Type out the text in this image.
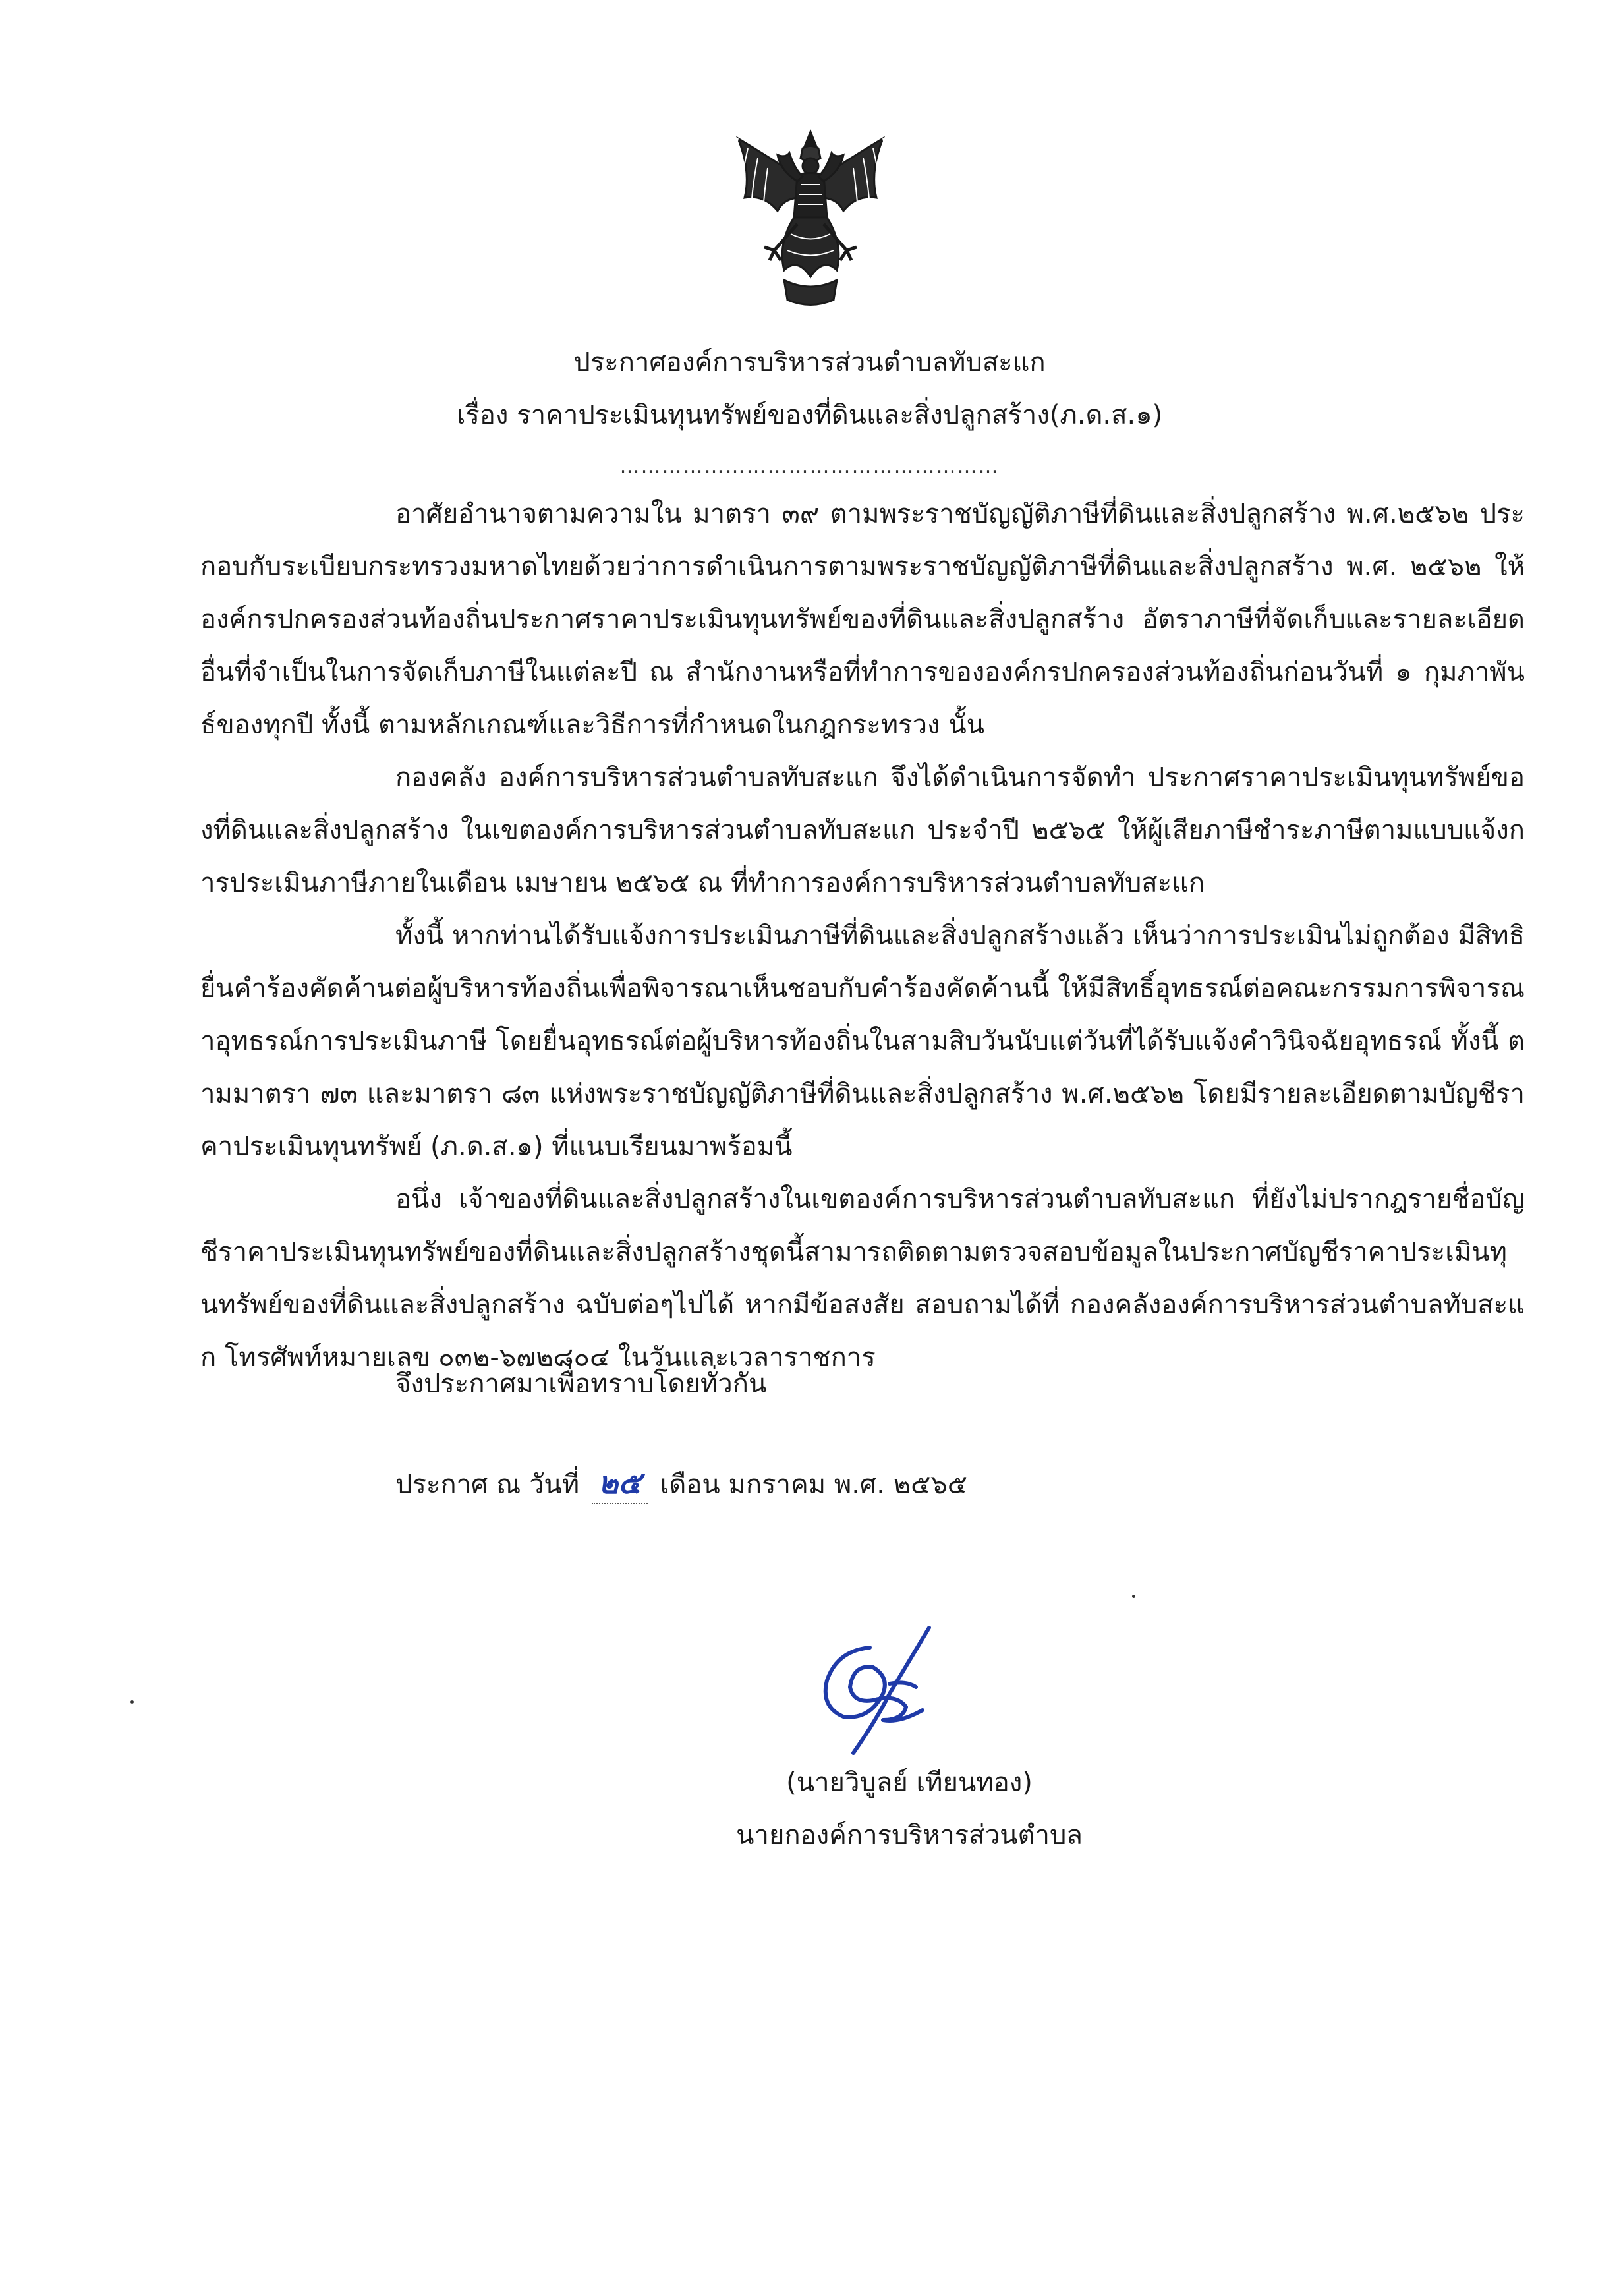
ประกาศองค์การบริหารส่วนตำบลทับสะแก
เรื่อง ราคาประเมินทุนทรัพย์ของที่ดินและสิ่งปลูกสร้าง(ภ.ด.ส.๑)
………………………………………………

อาศัยอำนาจตามความใน มาตรา ๓๙ ตามพระราชบัญญัติภาษีที่ดินและสิ่งปลูกสร้าง พ.ศ.๒๕๖๒ ประกอบกับระเบียบกระทรวงมหาดไทยด้วยว่าการดำเนินการตามพระราชบัญญัติภาษีที่ดินและสิ่งปลูกสร้าง พ.ศ. ๒๕๖๒ ให้องค์กรปกครองส่วนท้องถิ่นประกาศราคาประเมินทุนทรัพย์ของที่ดินและสิ่งปลูกสร้าง อัตราภาษีที่จัดเก็บและรายละเอียดอื่นที่จำเป็นในการจัดเก็บภาษีในแต่ละปี ณ สำนักงานหรือที่ทำการขององค์กรปกครองส่วนท้องถิ่นก่อนวันที่ ๑ กุมภาพันธ์ของทุกปี ทั้งนี้ ตามหลักเกณฑ์และวิธีการที่กำหนดในกฎกระทรวง นั้น

กองคลัง องค์การบริหารส่วนตำบลทับสะแก จึงได้ดำเนินการจัดทำ ประกาศราคาประเมินทุนทรัพย์ของที่ดินและสิ่งปลูกสร้าง ในเขตองค์การบริหารส่วนตำบลทับสะแก ประจำปี ๒๕๖๕ ให้ผู้เสียภาษีชำระภาษีตามแบบแจ้งการประเมินภาษีภายในเดือน เมษายน ๒๕๖๕ ณ ที่ทำการองค์การบริหารส่วนตำบลทับสะแก

ทั้งนี้ หากท่านได้รับแจ้งการประเมินภาษีที่ดินและสิ่งปลูกสร้างแล้ว เห็นว่าการประเมินไม่ถูกต้อง มีสิทธิยื่นคำร้องคัดค้านต่อผู้บริหารท้องถิ่นเพื่อพิจารณาเห็นชอบกับคำร้องคัดค้านนี้ ให้มีสิทธิ์อุทธรณ์ต่อคณะกรรมการพิจารณาอุทธรณ์การประเมินภาษี โดยยื่นอุทธรณ์ต่อผู้บริหารท้องถิ่นในสามสิบวันนับแต่วันที่ได้รับแจ้งคำวินิจฉัยอุทธรณ์ ทั้งนี้ ตามมาตรา ๗๓ และมาตรา ๘๓ แห่งพระราชบัญญัติภาษีที่ดินและสิ่งปลูกสร้าง พ.ศ.๒๕๖๒ โดยมีรายละเอียดตามบัญชีราคาประเมินทุนทรัพย์ (ภ.ด.ส.๑) ที่แนบเรียนมาพร้อมนี้

อนึ่ง เจ้าของที่ดินและสิ่งปลูกสร้างในเขตองค์การบริหารส่วนตำบลทับสะแก ที่ยังไม่ปรากฎรายชื่อบัญชีราคาประเมินทุนทรัพย์ของที่ดินและสิ่งปลูกสร้างชุดนี้สามารถติดตามตรวจสอบข้อมูลในประกาศบัญชีราคาประเมินทุนทรัพย์ของที่ดินและสิ่งปลูกสร้าง ฉบับต่อๆไปได้ หากมีข้อสงสัย สอบถามได้ที่ กองคลังองค์การบริหารส่วนตำบลทับสะแก โทรศัพท์หมายเลข ๐๓๒-๖๗๒๘๐๔ ในวันและเวลาราชการ

จึงประกาศมาเพื่อทราบโดยทั่วกัน
ประกาศ ณ วันที่ ๒๕ เดือน มกราคม พ.ศ. ๒๕๖๕
(นายวิบูลย์ เทียนทอง)
นายกองค์การบริหารส่วนตำบล
